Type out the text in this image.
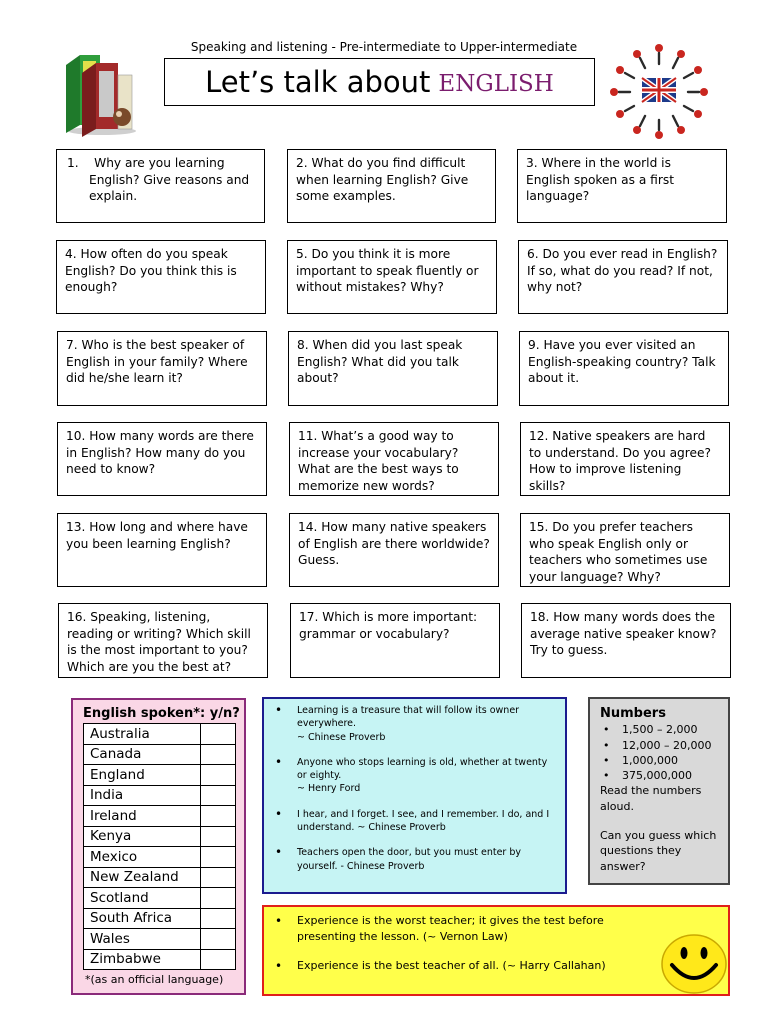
Speaking and listening - Pre-intermediate to Upper-intermediate
Let’s talk about ENGLISH
1. Why are you learning English? Give reasons and explain.
2. What do you find difficult when learning English? Give some examples.
3. Where in the world is English spoken as a first language?
4. How often do you speak English? Do you think this is enough?
5. Do you think it is more important to speak fluently or without mistakes? Why?
6. Do you ever read in English? If so, what do you read? If not, why not?
7. Who is the best speaker of English in your family? Where did he/she learn it?
8. When did you last speak English? What did you talk about?
9. Have you ever visited an English-speaking country? Talk about it.
10. How many words are there in English? How many do you need to know?
11. What’s a good way to increase your vocabulary? What are the best ways to memorize new words?
12. Native speakers are hard to understand. Do you agree? How to improve listening skills?
13. How long and where have you been learning English?
14. How many native speakers of English are there worldwide? Guess.
15. Do you prefer teachers who speak English only or teachers who sometimes use your language? Why?
16. Speaking, listening, reading or writing? Which skill is the most important to you? Which are you the best at?
17. Which is more important: grammar or vocabulary?
18. How many words does the average native speaker know? Try to guess.
English spoken*: y/n?
Australia	
Canada	
England	
India	
Ireland	
Kenya	
Mexico	
New Zealand	
Scotland	
South Africa	
Wales	
Zimbabwe	
*(as an official language)
• Learning is a treasure that will follow its owner everywhere.
~ Chinese Proverb
• Anyone who stops learning is old, whether at twenty or eighty.
~ Henry Ford
• I hear, and I forget. I see, and I remember. I do, and I understand. ~ Chinese Proverb
• Teachers open the door, but you must enter by yourself. - Chinese Proverb
Numbers
• 1,500 – 2,000
• 12,000 – 20,000
• 1,000,000
• 375,000,000
Read the numbers aloud.
Can you guess which questions they answer?
• Experience is the worst teacher; it gives the test before presenting the lesson. (~ Vernon Law)
• Experience is the best teacher of all. (~ Harry Callahan)
